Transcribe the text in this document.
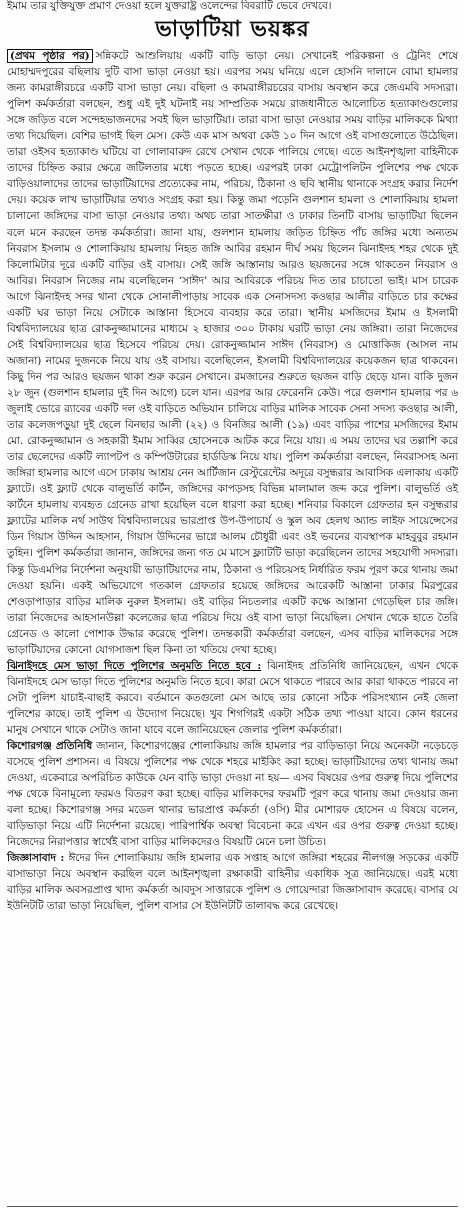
ইমাম তার যুক্তিযুক্ত প্রমাণ দেওয়া হলে যুক্তরাষ্ট্র ওলেন্দের বিবরাটি ভেবে দেখবে।
ভাড়াটিয়া ভয়ঙ্কর

(প্রথম পৃষ্ঠার পর) সন্নিকটে আশুলিয়ায় একটি বাড়ি ভাড়া নেয়। সেখানেই পরিকল্পনা ও ট্রেনিং শেষে মোহাম্মদপুরের বছিলায় দুটি বাসা ভাড়া নেওয়া হয়। এরপর সময় ঘনিয়ে এলে হোসনি দালানে বোমা হামলার জন্য কামরাঙ্গীরচরে একটি বাসা ভাড়া নেয়। বছিলা ও কামরাঙ্গীরচরের বাসায় অবস্থান করে জেএমবি সদস্যরা। পুলিশ কর্মকর্তারা বলছেন, শুধু এই দুই ঘটনাই নয় সাম্প্রতিক সময়ে রাজধানীতে আলোচিত হত্যাকাণ্ডগুলোর সঙ্গে জড়িত বলে সন্দেহভাজনদের সবই ছিল ভাড়াটিয়া। তারা বাসা ভাড়া নেওয়ার সময় বাড়ির মালিককে মিথ্যা তথ্য দিয়েছিল। বেশির ভাগই ছিল মেস। কেউ এক মাস অথবা কেউ ১০ দিন আগে ওই বাসাগুলোতে উঠেছিল। তারা ওইসব হত্যাকাণ্ড ঘটিয়ে বা গোলাবারুদ রেখে সেখান থেকে পালিয়ে গেছে। এতে আইনশৃঙ্খলা বাহিনীকে তাদের চিহ্নিত করার ক্ষেত্রে জটিলতার মধ্যে পড়তে হচ্ছে। এরপরই ঢাকা মেট্রোপলিটন পুলিশের পক্ষ থেকে বাড়িওয়ালাদের তাদের ভাড়াটিয়াদের প্রত্যেকের নাম, পরিচয়, ঠিকানা ও ছবি স্থানীয় থানাকে সংগ্রহ করার নির্দেশ দেয়। কয়েক লাখ ভাড়াটিয়ার তথ্যও সংগ্রহ করা হয়। কিন্তু জমা পড়েনি গুলশান হামলা ও শোলাকিয়ায় হামলা চালানো জঙ্গিদের বাসা ভাড়া নেওয়ার তথ্য। অথচ তারা সাতক্ষীরা ও ঢাকার তিনটি বাসায় ভাড়াটিয়া ছিলেন বলে মনে করছেন তদন্ত কর্মকর্তারা। জানা যায়, গুলশান হামলায় জড়িত চিহ্নিত পাঁচ জঙ্গির মধ্যে অন্যতম নিবরাস ইসলাম ও শোলাকিয়ায় হামলায় নিহত জঙ্গি আবির রহমান দীর্ঘ সময় ছিলেন ঝিনাইদহ শহর থেকে দুই কিলোমিটার দূরে একটি বাড়ির ওই বাসায়। সেই জঙ্গি আস্তানায় আরও ছয়জনের সঙ্গে থাকতেন নিবরাস ও আবির। নিবরাস নিজের নাম বলেছিলেন ‘সাঈদ’ আর আবিরকে পরিচয় দিত তার চাচাতো ভাই। মাস চারেক আগে ঝিনাইদহ সদর থানা থেকে সোনালীপাড়ায় সাবেক এক সেনাসদস্য কওছার আলীর বাড়িতে চার কক্ষের একটি ঘর ভাড়া নিয়ে সেটাকে আস্তানা হিসেবে ব্যবহার করে তারা। স্থানীয় মসজিদের ইমাম ও ইসলামী বিশ্ববিদ্যালয়ের ছাত্র রোকনুজ্জামানের মাধ্যমে ২ হাজার ৩০০ টাকায় ঘরটি ভাড়া নেয় জঙ্গিরা। তারা নিজেদের সেই বিশ্ববিদ্যালয়ের ছাত্র হিসেবে পরিচয় দেয়। রোকনুজ্জামান সাঈদ (নিবরাস) ও মোত্তাকিজ (আসল নাম অজানা) নামের দুজনকে নিয়ে যায় ওই বাসায়। বলেছিলেন, ইসলামী বিশ্ববিদ্যালয়ের কয়েকজন ছাত্র থাকবেন। কিছু দিন পর আরও ছয়জন থাকা শুরু করেন সেখানে। রমজানের শুরুতে ছয়জন বাড়ি ছেড়ে যান। বাকি দুজন ২৮ জুন (গুলশান হামলার দুই দিন আগে) চলে যান। এরপর আর ফেরেননি কেউ। পরে গুলশান হামলার পর ৬ জুলাই ভোরে র‍্যাবের একটি দল ওই বাড়িতে অভিযান চালিয়ে বাড়ির মালিক সাবেক সেনা সদস্য কওছার আলী, তার কলেজপড়ুয়া দুই ছেলে বিনছার আলী (২২) ও বিনজির আলী (১৯) এবং বাড়ির পাশের মসজিদের ইমাম মো. রোকনুজ্জামান ও সহকারী ইমাম সাব্বির হোসেনকে আটক করে নিয়ে যায়। এ সময় তাদের ঘর তল্লাশি করে তার ছেলেদের একটি ল্যাপটপ ও কম্পিউটারের হার্ডডিস্ক নিয়ে যায়। পুলিশ কর্মকর্তারা বলছেন, নিবরাসসহ অন্য জঙ্গিরা হামলার আগে এসে ঢাকায় আশ্রয় নেন আর্টিজান রেস্টুরেন্টের অদূরে বসুন্ধরার আবাসিক এলাকায় একটি ফ্ল্যাটে। ওই ফ্ল্যাট থেকে বালুভর্তি কার্টন, জঙ্গিদের কাপড়সহ বিভিন্ন মালামাল জব্দ করে পুলিশ। বালুভর্তি ওই কার্টনে হামলায় ব্যবহৃত গ্রেনেড রাখা হয়েছিল বলে ধারণা করা হচ্ছে। শনিবার বিকালে গ্রেফতার হন বসুন্ধরার ফ্ল্যাটের মালিক নর্থ সাউথ বিশ্ববিদ্যালয়ের ভারপ্রাপ্ত উপ-উপাচার্য ও স্কুল অব হেলথ অ্যান্ড লাইফ সায়েন্সেসের ডিন গিয়াস উদ্দিন আহসান, গিয়াস উদ্দিনের ভাগ্নে আলম চৌধুরী এবং ওই ভবনের ব্যবস্থাপক মাহবুবুর রহমান তুহিন। পুলিশ কর্মকর্তারা জানান, জঙ্গিদের জন্য গত মে মাসে ফ্ল্যাটটি ভাড়া করেছিলেন তাদের সহযোগী সদস্যরা। কিন্তু ডিএমপির নির্দেশনা অনুযায়ী ভাড়াটিয়াদের নাম, ঠিকানা ও পরিচয়সহ নির্ধারিত ফরম পূরণ করে থানায় জমা দেওয়া হয়নি। একই অভিযোগে গতকাল গ্রেফতার হয়েছে জঙ্গিদের আরেকটি আস্তানা ঢাকার মিরপুরের শেওড়াপাড়ার বাড়ির মালিক নুরুল ইসলাম। ওই বাড়ির নিচতলার একটি কক্ষে আস্তানা গেড়েছিল চার জঙ্গি। তারা নিজেদের আহসানউল্লা কলেজের ছাত্র পরিচয় দিয়ে ওই বাসা ভাড়া নিয়েছিল। সেখান থেকে হাতে তৈরি গ্রেনেড ও কালো পোশাক উদ্ধার করেছে পুলিশ। তদন্তকারী কর্মকর্তারা বলছেন, এসব বাড়ির মালিকদের সঙ্গে ভাড়াটিয়াদের কোনো যোগসাজশ ছিল কিনা তা খতিয়ে দেখা হচ্ছে।

ঝিনাইদহে মেস ভাড়া দিতে পুলিশের অনুমতি নিতে হবে : ঝিনাইদহ প্রতিনিধি জানিয়েছেন, এখন থেকে ঝিনাইদহে মেস ভাড়া দিতে পুলিশের অনুমতি নিতে হবে। কারা মেসে থাকতে পারবে আর কারা থাকতে পারবে না সেটা পুলিশ যাচাই-বাছাই করবে। বর্তমানে কতগুলো মেস আছে তার কোনো সঠিক পরিসংখ্যান নেই জেলা পুলিশের কাছে। তাই পুলিশ এ উদ্যোগ নিয়েছে। খুব শিগগিরই একটা সঠিক তথ্য পাওয়া যাবে। কোন ধরনের মানুষ সেখানে থাকে সেটাও জানা যাবে বলে জানিয়েছেন জেলার পুলিশ কর্মকর্তারা।

কিশোরগঞ্জ প্রতিনিধি জানান, কিশোরগঞ্জের শোলাকিয়ায় জঙ্গি হামলার পর বাড়িভাড়া নিয়ে অনেকটা নড়েচড়ে বসেছে পুলিশ প্রশাসন। এ বিষয়ে পুলিশের পক্ষ থেকে শহরে মাইকিং করা হচ্ছে। ভাড়াটিয়াদের তথ্য থানায় জমা দেওয়া, একেবারে অপরিচিত কাউকে যেন বাড়ি ভাড়া দেওয়া না হয়— এসব বিষয়ের ওপর গুরুত্ব দিয়ে পুলিশের পক্ষ থেকে বিনামূল্যে ফরমও বিতরণ করা হচ্ছে। বাড়ির মালিকদের ফরমটি পূরণ করে থানায় জমা দেওয়ার জন্য বলা হচ্ছে। কিশোরগঞ্জ সদর মডেল থানার ভারপ্রাপ্ত কর্মকর্তা (ওসি) মীর মোশারফ হোসেন এ বিষয়ে বলেন, বাড়িভাড়া নিয়ে এটি নির্দেশনা রয়েছে। পারিপার্শ্বিক অবস্থা বিবেচনা করে এখন এর ওপর গুরুত্ব দেওয়া হচ্ছে। নিজেদের নিরাপত্তার স্বার্থেই বাসা বাড়ির মালিকদেরও বিষয়টি মেনে চলা উচিত।

জিজ্ঞাসাবাদ : ঈদের দিন শোলাকিয়ায় জঙ্গি হামলার এক সপ্তাহ আগে জঙ্গিরা শহরের নীলগঞ্জ সড়কের একটি বাসাভাড়া নিয়ে অবস্থান করছিল বলে আইনশৃঙ্খলা রক্ষাকারী বাহিনীর একাধিক সূত্র জানিয়েছে। এরই মধ্যে বাড়ির মালিক অবসরপ্রাপ্ত খাদ্য কর্মকর্তা আবদুস সাত্তারকে পুলিশ ও গোয়েন্দারা জিজ্ঞাসাবাদ করেছে। বাসার যে ইউনিটটি তারা ভাড়া নিয়েছিল, পুলিশ বাসার সে ইউনিটটি তালাবদ্ধ করে রেখেছে।
